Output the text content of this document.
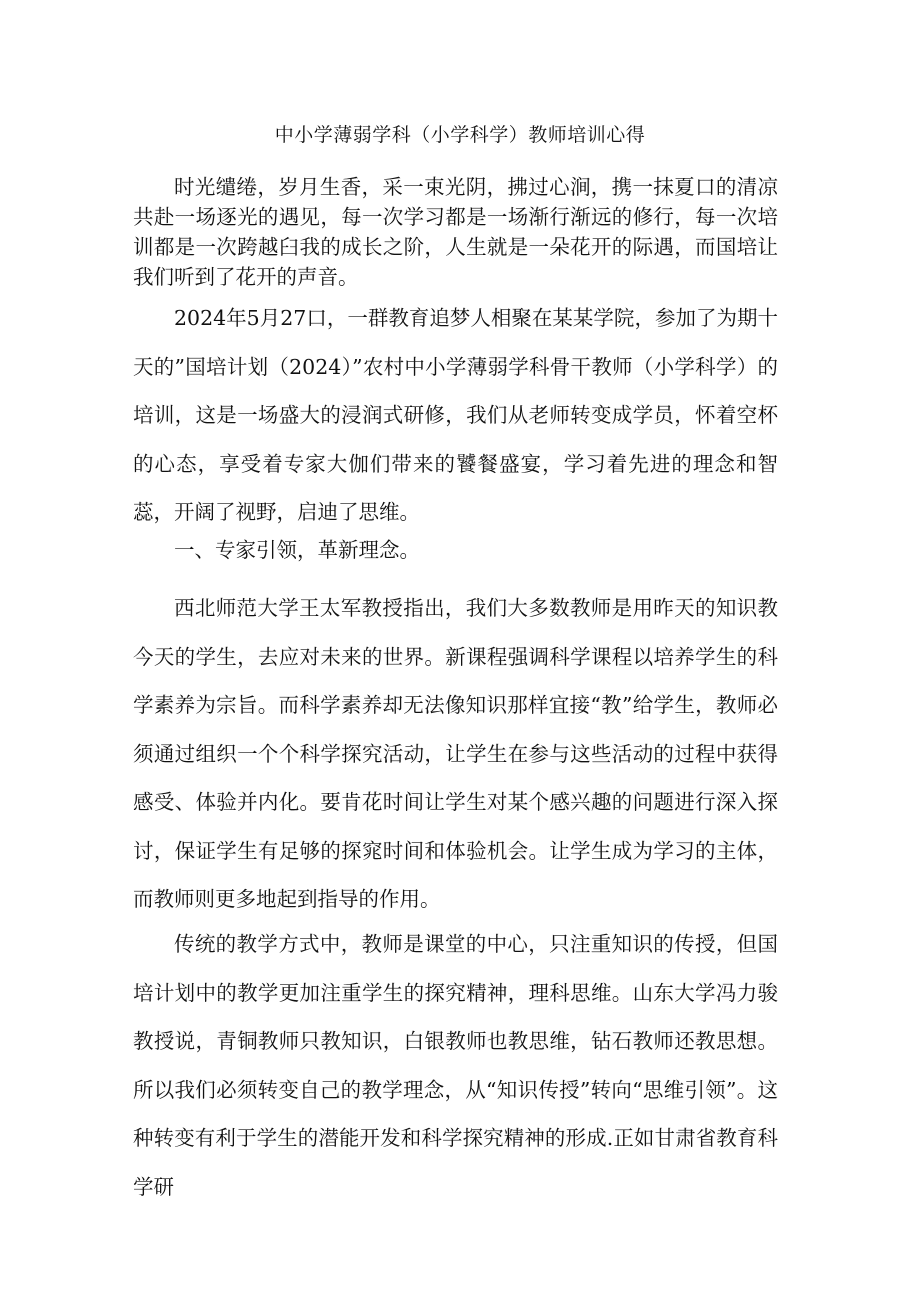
中小学薄弱学科（小学科学）教师培训心得

时光缱绻，岁月生香，采一束光阴，拂过心涧，携一抹夏口的清凉共赴一场逐光的遇见，每一次学习都是一场渐行渐远的修行，每一次培训都是一次跨越臼我的成长之阶，人生就是一朵花开的际遇，而国培让我们听到了花开的声音。

2024年5月27口，一群教育追梦人相聚在某某学院，参加了为期十天的”国培计划（2024）”农村中小学薄弱学科骨干教师（小学科学）的培训，这是一场盛大的浸润式研修，我们从老师转变成学员，怀着空杯的心态，享受着专家大伽们带来的饕餐盛宴，学习着先进的理念和智蕊，开阔了视野，启迪了思维。

一、专家引领，革新理念。

西北师范大学王太军教授指出，我们大多数教师是用昨天的知识教今天的学生，去应对未来的世界。新课程强调科学课程以培养学生的科学素养为宗旨。而科学素养却无法像知识那样宜接“教”给学生，教师必须通过组织一个个科学探究活动，让学生在参与这些活动的过程中获得感受、体验并内化。要肯花时间让学生对某个感兴趣的问题进行深入探讨，保证学生有足够的探窕时间和体验机会。让学生成为学习的主体，而教师则更多地起到指导的作用。

传统的教学方式中，教师是课堂的中心，只注重知识的传授，但国培计划中的教学更加注重学生的探究精神，理科思维。山东大学冯力骏教授说，青铜教师只教知识，白银教师也教思维，钻石教师还教思想。所以我们必须转变自己的教学理念，从“知识传授”转向“思维引领”。这种转变有利于学生的潜能开发和科学探究精神的形成.正如甘肃省教育科学研
